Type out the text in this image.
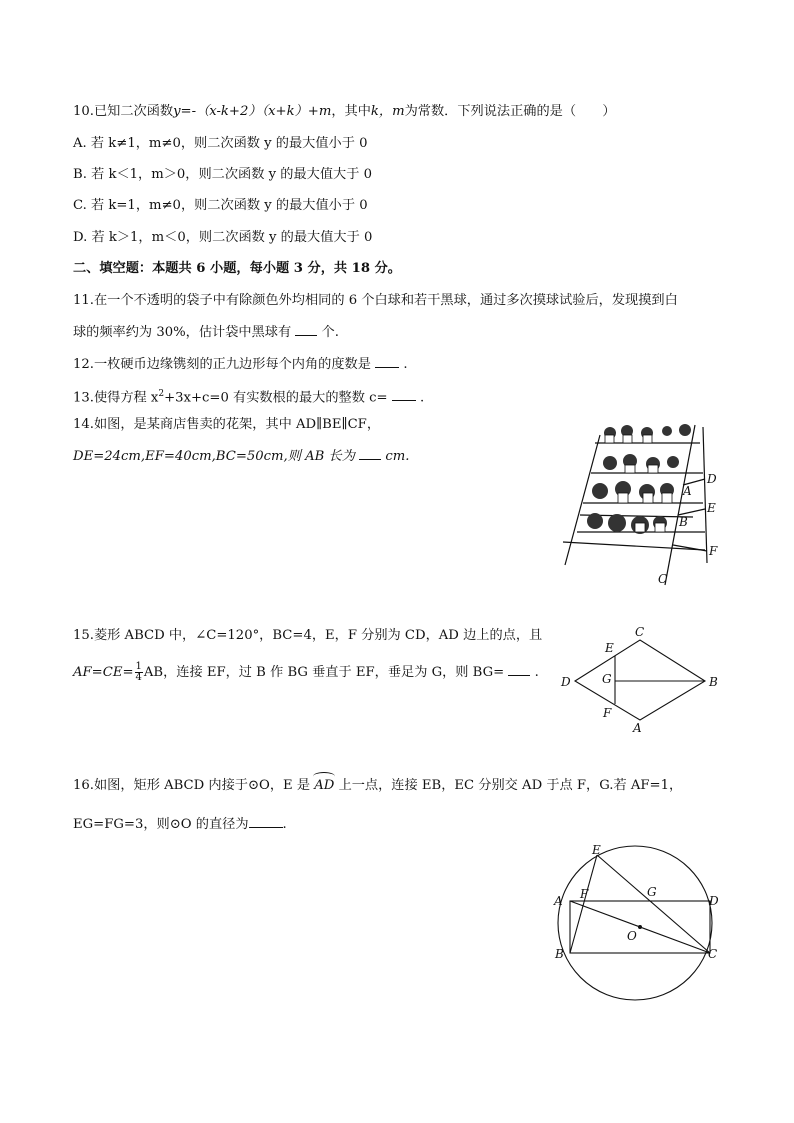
10.已知二次函数y=-（x-k+2）（x+k）+m，其中k，m为常数．下列说法正确的是（　　）
A. 若 k≠1，m≠0，则二次函数 y 的最大值小于 0
B. 若 k＜1，m＞0，则二次函数 y 的最大值大于 0
C. 若 k=1，m≠0，则二次函数 y 的最大值小于 0
D. 若 k＞1，m＜0，则二次函数 y 的最大值大于 0
二、填空题：本题共 6 小题，每小题 3 分，共 18 分。
11.在一个不透明的袋子中有除颜色外均相同的 6 个白球和若干黑球，通过多次摸球试验后，发现摸到白
球的频率约为 30%，估计袋中黑球有 个.
12.一枚硬币边缘镌刻的正九边形每个内角的度数是 .
13.使得方程 $x^2+3x+c=0$ 有实数根的最大的整数 c= .
14.如图，是某商店售卖的花架，其中 AD∥BE∥CF，
DE=24cm,EF=40cm,BC=50cm,则 AB 长为 cm.
D
A
E
B
F
C
15.菱形 ABCD 中，∠C=120°，BC=4，E，F 分别为 CD，AD 边上的点，且
$AF=CE= \frac{1}{4}$ AB，连接 EF，过 B 作 BG 垂直于 EF，垂足为 G，则 BG= .
C
E
D	G	B
F
A
16.如图，矩形 ABCD 内接于⊙O，E 是 AD 上一点，连接 EB，EC 分别交 AD 于点 F，G.若 AF=1，
EG=FG=3，则⊙O 的直径为	.
E
A F	G
D
O
B	C
